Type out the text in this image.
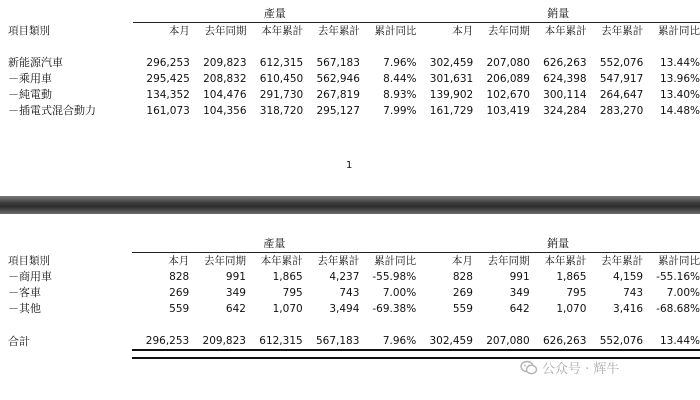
	產量					銷量				
項目類別	本月	去年同期	本年累計	去年累計	累計同比	本月	去年同期	本年累計	去年累計	累計同比

新能源汽車	296,253	209,823	612,315	567,183	7.96%	302,459	207,080	626,263	552,076	13.44%
－乘用車	295,425	208,832	610,450	562,946	8.44%	301,631	206,089	624,398	547,917	13.96%
－純電動	134,352	104,476	291,730	267,819	8.93%	139,902	102,670	300,114	264,647	13.40%
－插電式混合動力	161,073	104,356	318,720	295,127	7.99%	161,729	103,419	324,284	283,270	14.48%
1
	產量					銷量				
項目類別	本月	去年同期	本年累計	去年累計	累計同比	本月	去年同期	本年累計	去年累計	累計同比
－商用車	828	991	1,865	4,237	-55.98%	828	991	1,865	4,159	-55.16%
－客車	269	349	795	743	7.00%	269	349	795	743	7.00%
－其他	559	642	1,070	3,494	-69.38%	559	642	1,070	3,416	-68.68%

合計	296,253	209,823	612,315	567,183	7.96%	302,459	207,080	626,263	552,076	13.44%

公众号 · 辉牛
